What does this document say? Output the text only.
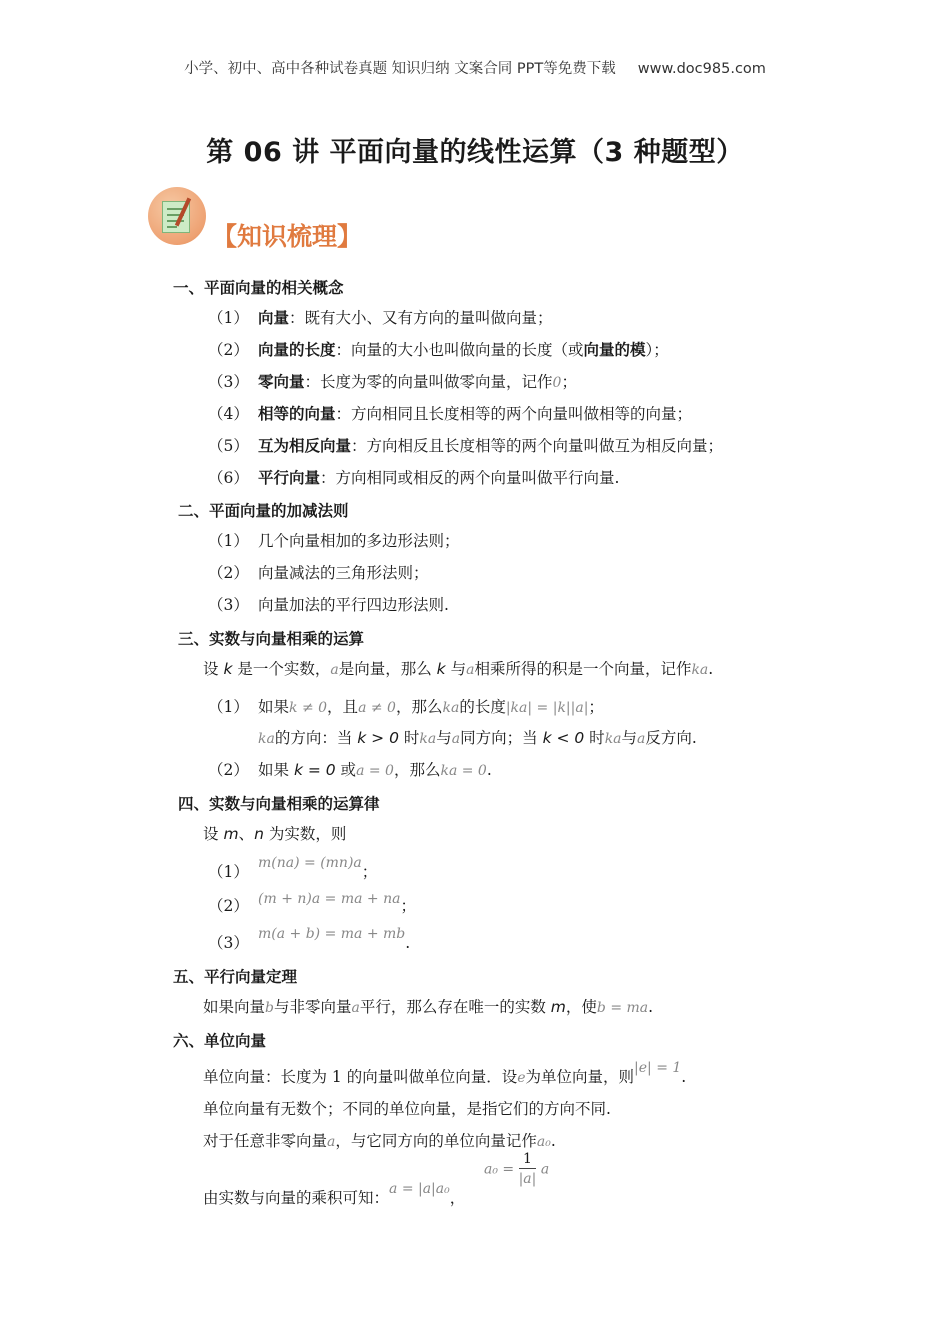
小学、初中、高中各种试卷真题 知识归纳 文案合同 PPT等免费下载 www.doc985.com
第 06 讲 平面向量的线性运算（3 种题型）
【知识梳理】
一、平面向量的相关概念
（1） 向量：既有大小、又有方向的量叫做向量；
（2） 向量的长度：向量的大小也叫做向量的长度（或向量的模）；
（3） 零向量：长度为零的向量叫做零向量，记作0；
（4） 相等的向量：方向相同且长度相等的两个向量叫做相等的向量；
（5） 互为相反向量：方向相反且长度相等的两个向量叫做互为相反向量；
（6） 平行向量：方向相同或相反的两个向量叫做平行向量.
二、平面向量的加减法则
（1） 几个向量相加的多边形法则；
（2） 向量减法的三角形法则；
（3） 向量加法的平行四边形法则.
三、实数与向量相乘的运算
设 k 是一个实数，a是向量，那么 k 与a相乘所得的积是一个向量，记作ka.
（1） 如果k ≠ 0，且a ≠ 0，那么ka的长度|ka| = |k||a|；
ka的方向：当 k > 0 时ka与a同方向；当 k < 0 时ka与a反方向.
（2） 如果 k = 0 或a = 0，那么ka = 0.
四、实数与向量相乘的运算律
设 m、n 为实数，则
（1） m(na) = (mn)a；
（2） (m + n)a = ma + na；
（3） m(a + b) = ma + mb.
五、平行向量定理
如果向量b与非零向量a平行，那么存在唯一的实数 m，使b = ma.
六、单位向量
单位向量：长度为 1 的向量叫做单位向量．设e为单位向量，则|e| = 1.
单位向量有无数个；不同的单位向量，是指它们的方向不同.
对于任意非零向量a，与它同方向的单位向量记作a₀.
由实数与向量的乘积可知：a = |a|a₀，
$a_0 = \frac{1}{|a|}$ a
